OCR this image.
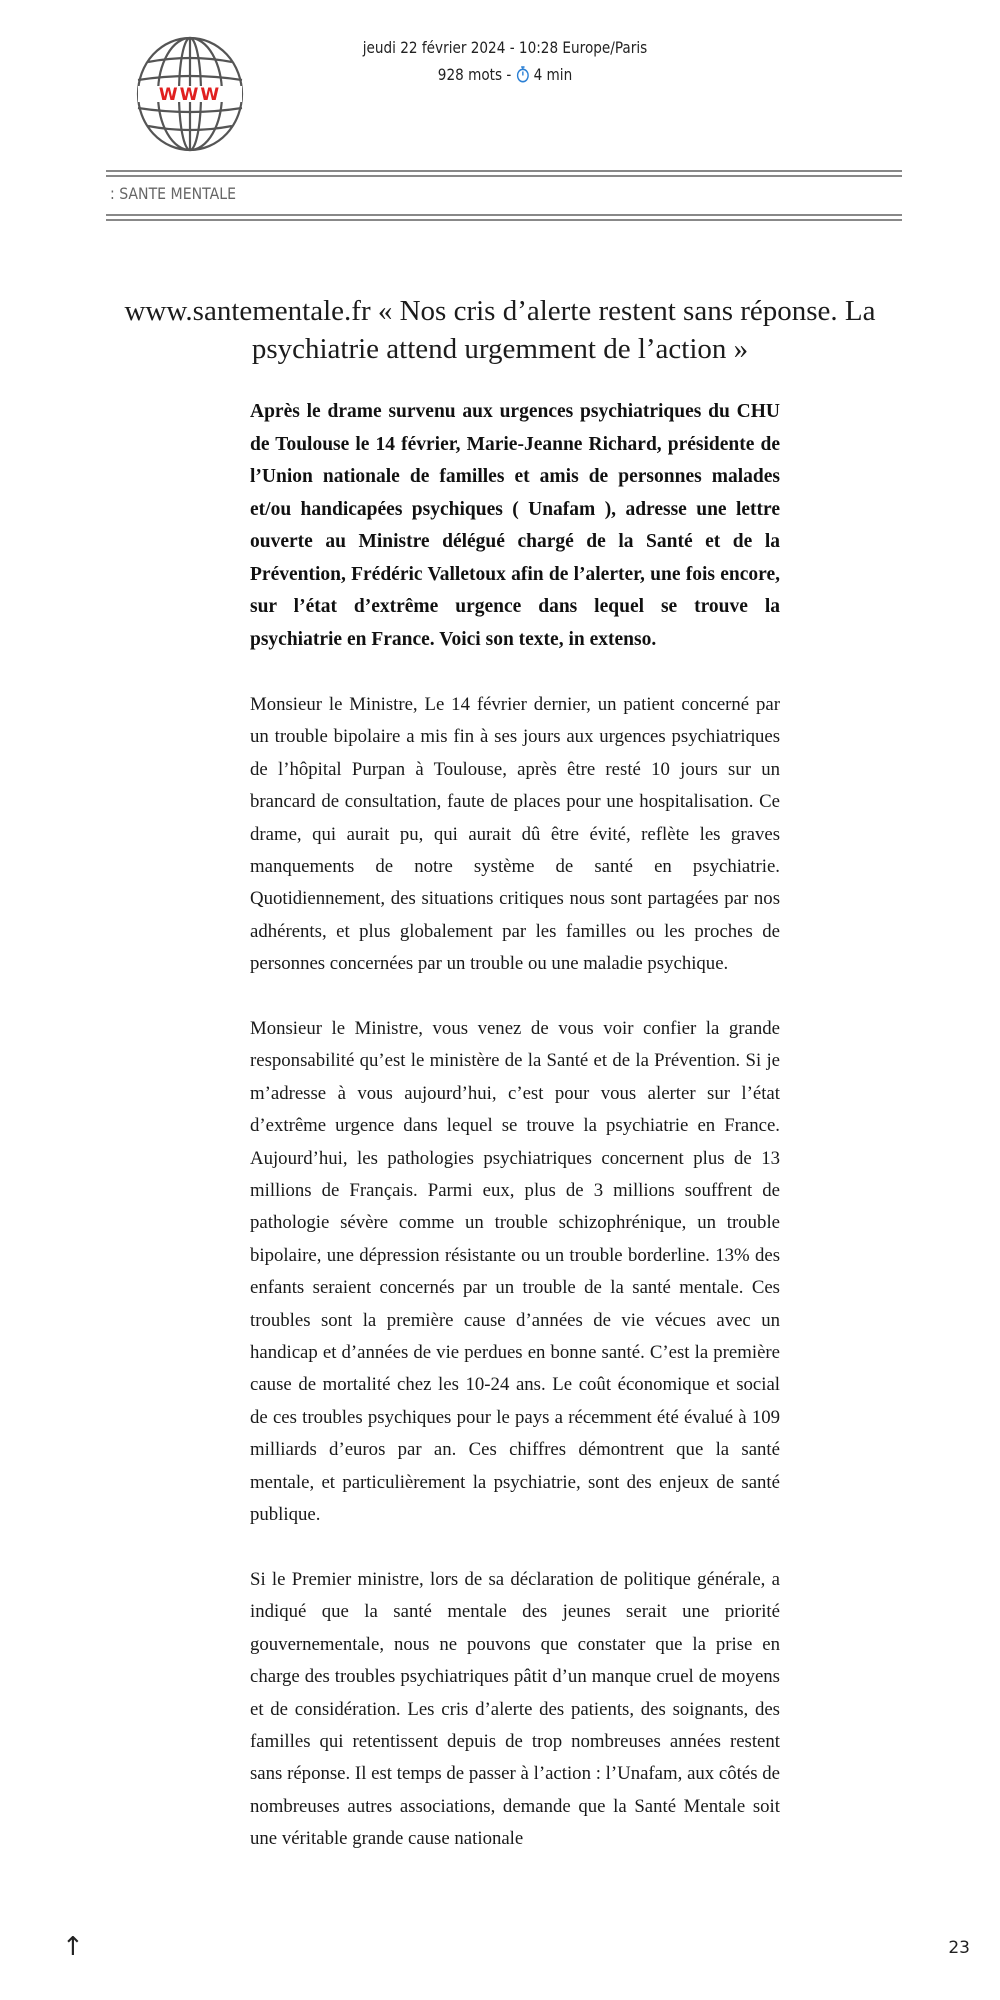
WWW
jeudi 22 février 2024 - 10:28 Europe/Paris
928 mots - 4 min
: SANTE MENTALE
www.santementale.fr « Nos cris d’alerte restent sans réponse. La psychiatrie attend urgemment de l’action »

Après le drame survenu aux urgences psychiatriques du CHU de Toulouse le 14 février, Marie-Jeanne Richard, présidente de l’Union nationale de familles et amis de personnes malades et/ou handicapées psychiques ( Unafam ), adresse une lettre ouverte au Ministre délégué chargé de la Santé et de la Prévention, Frédéric Valletoux afin de l’alerter, une fois encore, sur l’état d’extrême urgence dans lequel se trouve la psychiatrie en France. Voici son texte, in extenso.

Monsieur le Ministre, Le 14 février dernier, un patient concerné par un trouble bipolaire a mis fin à ses jours aux urgences psychiatriques de l’hôpital Purpan à Toulouse, après être resté 10 jours sur un brancard de consultation, faute de places pour une hospitalisation. Ce drame, qui aurait pu, qui aurait dû être évité, reflète les graves manquements de notre système de santé en psychiatrie. Quotidiennement, des situations critiques nous sont partagées par nos adhérents, et plus globalement par les familles ou les proches de personnes concernées par un trouble ou une maladie psychique.

Monsieur le Ministre, vous venez de vous voir confier la grande responsabilité qu’est le ministère de la Santé et de la Prévention. Si je m’adresse à vous aujourd’hui, c’est pour vous alerter sur l’état d’extrême urgence dans lequel se trouve la psychiatrie en France. Aujourd’hui, les pathologies psychiatriques concernent plus de 13 millions de Français. Parmi eux, plus de 3 millions souffrent de pathologie sévère comme un trouble schizophrénique, un trouble bipolaire, une dépression résistante ou un trouble borderline. 13% des enfants seraient concernés par un trouble de la santé mentale. Ces troubles sont la première cause d’années de vie vécues avec un handicap et d’années de vie perdues en bonne santé. C’est la première cause de mortalité chez les 10-24 ans. Le coût économique et social de ces troubles psychiques pour le pays a récemment été évalué à 109 milliards d’euros par an. Ces chiffres démontrent que la santé mentale, et particulièrement la psychiatrie, sont des enjeux de santé publique.

Si le Premier ministre, lors de sa déclaration de politique générale, a indiqué que la santé mentale des jeunes serait une priorité gouvernementale, nous ne pouvons que constater que la prise en charge des troubles psychiatriques pâtit d’un manque cruel de moyens et de considération. Les cris d’alerte des patients, des soignants, des familles qui retentissent depuis de trop nombreuses années restent sans réponse. Il est temps de passer à l’action : l’Unafam, aux côtés de nombreuses autres associations, demande que la Santé Mentale soit une véritable grande cause nationale

↑	23
